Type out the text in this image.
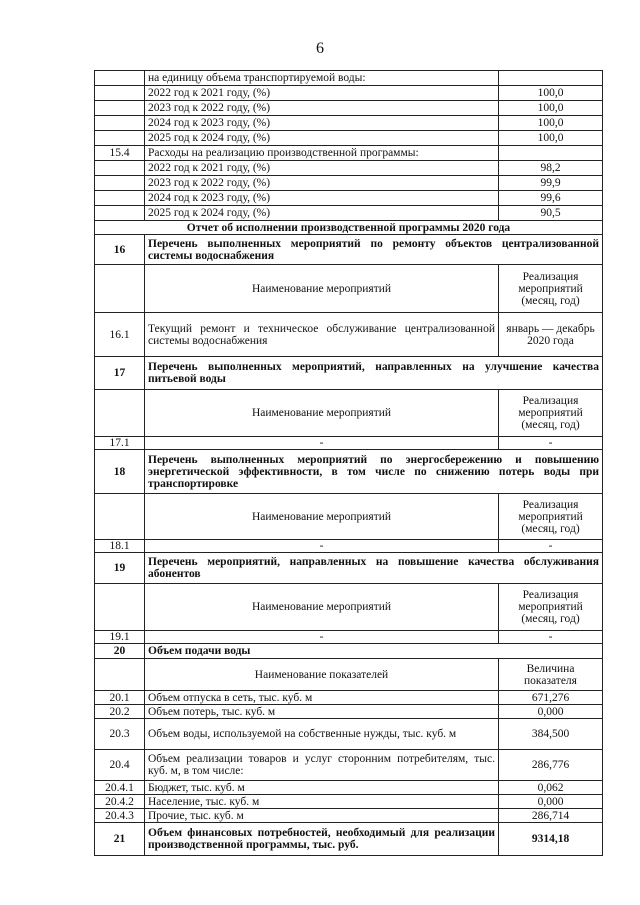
6
	на единицу объема транспортируемой воды:	
	2022 год к 2021 году, (%)	100,0
	2023 год к 2022 году, (%)	100,0
	2024 год к 2023 году, (%)	100,0
	2025 год к 2024 году, (%)	100,0
15.4	Расходы на реализацию производственной программы:	
	2022 год к 2021 году, (%)	98,2
	2023 год к 2022 году, (%)	99,9
	2024 год к 2023 году, (%)	99,6
	2025 год к 2024 году, (%)	90,5
Отчет об исполнении производственной программы 2020 года		
16	Перечень выполненных мероприятий по ремонту объектов централизованной системы водоснабжения	
	Наименование мероприятий	Реализация мероприятий (месяц, год)
16.1	Текущий ремонт и техническое обслуживание централизованной системы водоснабжения	январь — декабрь 2020 года
17	Перечень выполненных мероприятий, направленных на улучшение качества питьевой воды	
	Наименование мероприятий	Реализация мероприятий (месяц, год)
17.1	-	-
18	Перечень выполненных мероприятий по энергосбережению и повышению энергетической эффективности, в том числе по снижению потерь воды при транспортировке	
	Наименование мероприятий	Реализация мероприятий (месяц, год)
18.1	-	-
19	Перечень мероприятий, направленных на повышение качества обслуживания абонентов	
	Наименование мероприятий	Реализация мероприятий (месяц, год)
19.1	-	-
20	Объем подачи воды	
	Наименование показателей	Величина показателя
20.1	Объем отпуска в сеть, тыс. куб. м	671,276
20.2	Объем потерь, тыс. куб. м	0,000
20.3	Объем воды, используемой на собственные нужды, тыс. куб. м	384,500
20.4	Объем реализации товаров и услуг сторонним потребителям, тыс. куб. м, в том числе:	286,776
20.4.1	Бюджет, тыс. куб. м	0,062
20.4.2	Население, тыс. куб. м	0,000
20.4.3	Прочие, тыс. куб. м	286,714
21	Объем финансовых потребностей, необходимый для реализации производственной программы, тыс. руб.	9314,18
